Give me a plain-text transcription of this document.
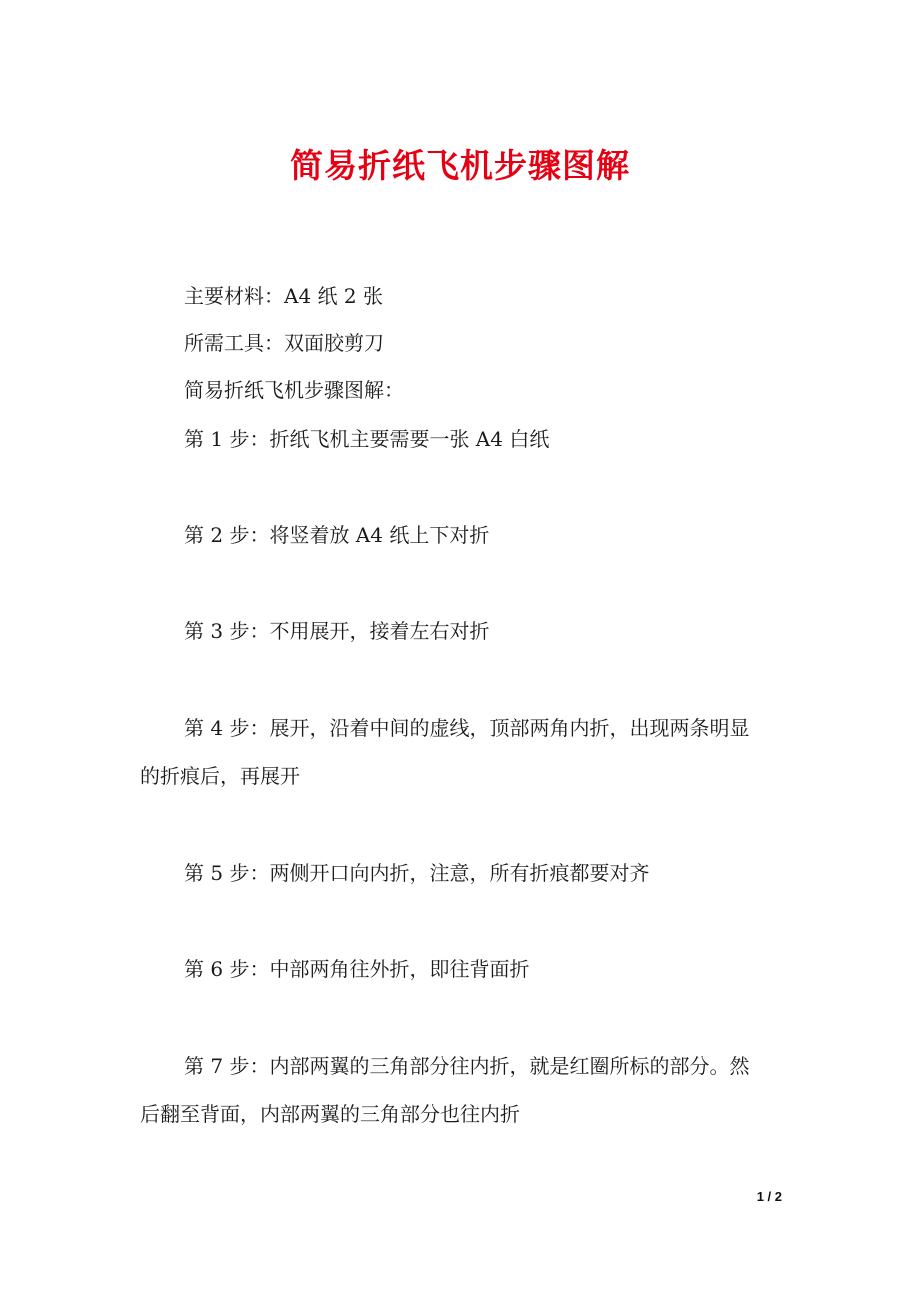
简易折纸飞机步骤图解
主要材料：A4 纸 2 张
所需工具：双面胶剪刀
简易折纸飞机步骤图解：
第 1 步：折纸飞机主要需要一张 A4 白纸
第 2 步：将竖着放 A4 纸上下对折
第 3 步：不用展开，接着左右对折
第 4 步：展开，沿着中间的虚线，顶部两角内折，出现两条明显
的折痕后，再展开
第 5 步：两侧开口向内折，注意，所有折痕都要对齐
第 6 步：中部两角往外折，即往背面折
第 7 步：内部两翼的三角部分往内折，就是红圈所标的部分。然
后翻至背面，内部两翼的三角部分也往内折
1 / 2
